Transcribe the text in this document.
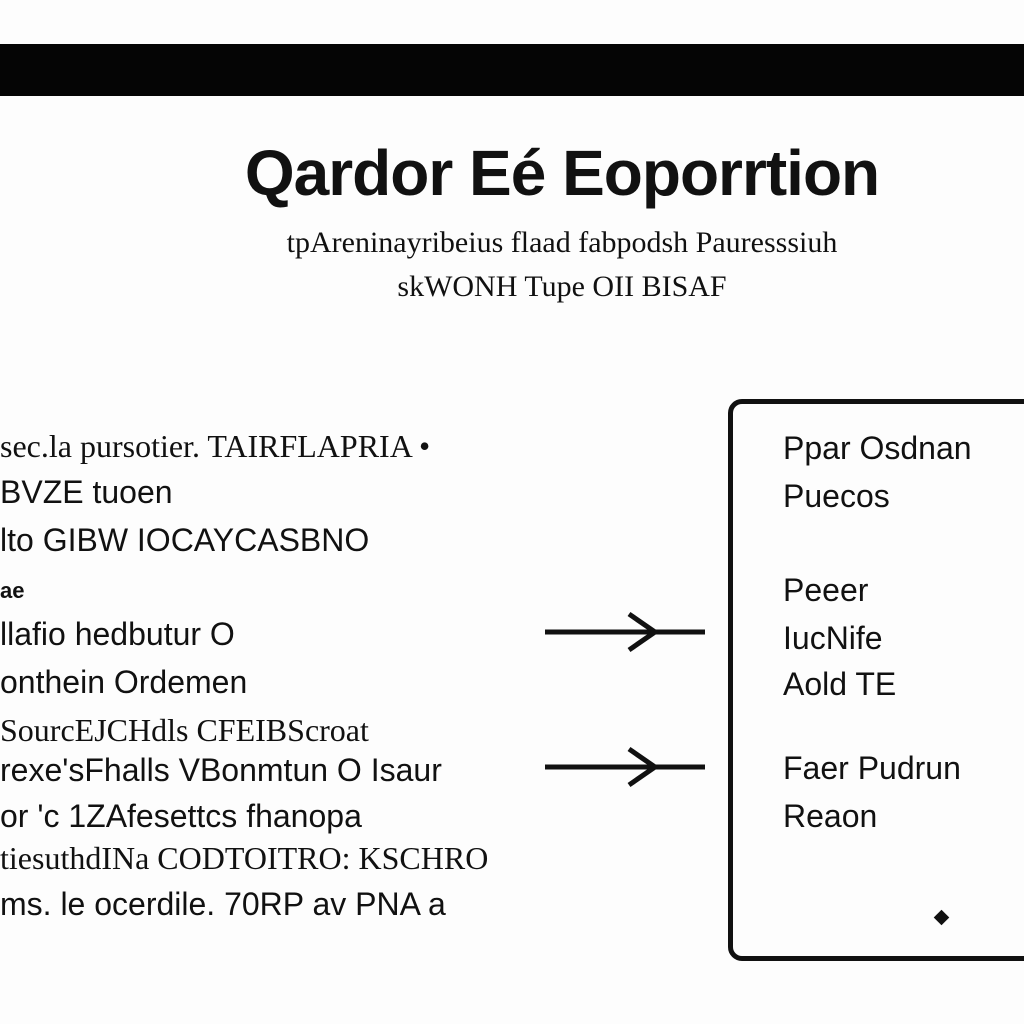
Qardor Eé Eoporrtion
tpAreninayribeius flaad fabpodsh Pauresssiuh
skWONH Tupe OII BISAF
sec.la pursotier. TAIRFLAPRIA •
BVZE tuoen
lto GIBW IOCAYCASBNO
ae
llafio hedbutur O
onthein Ordemen
SourcEJCHdls CFEIBScroat
rexe'sFhalls VBonmtun O Isaur
or 'c 1ZAfesettcs fhanopa
tiesuthdINa CODTOITRO: KSCHRO
ms. le ocerdile. 70RP av PNA a
Ppar Osdnan
Puecos
Peeer
IucNife
Aold TE
Faer Pudrun
Reaon
